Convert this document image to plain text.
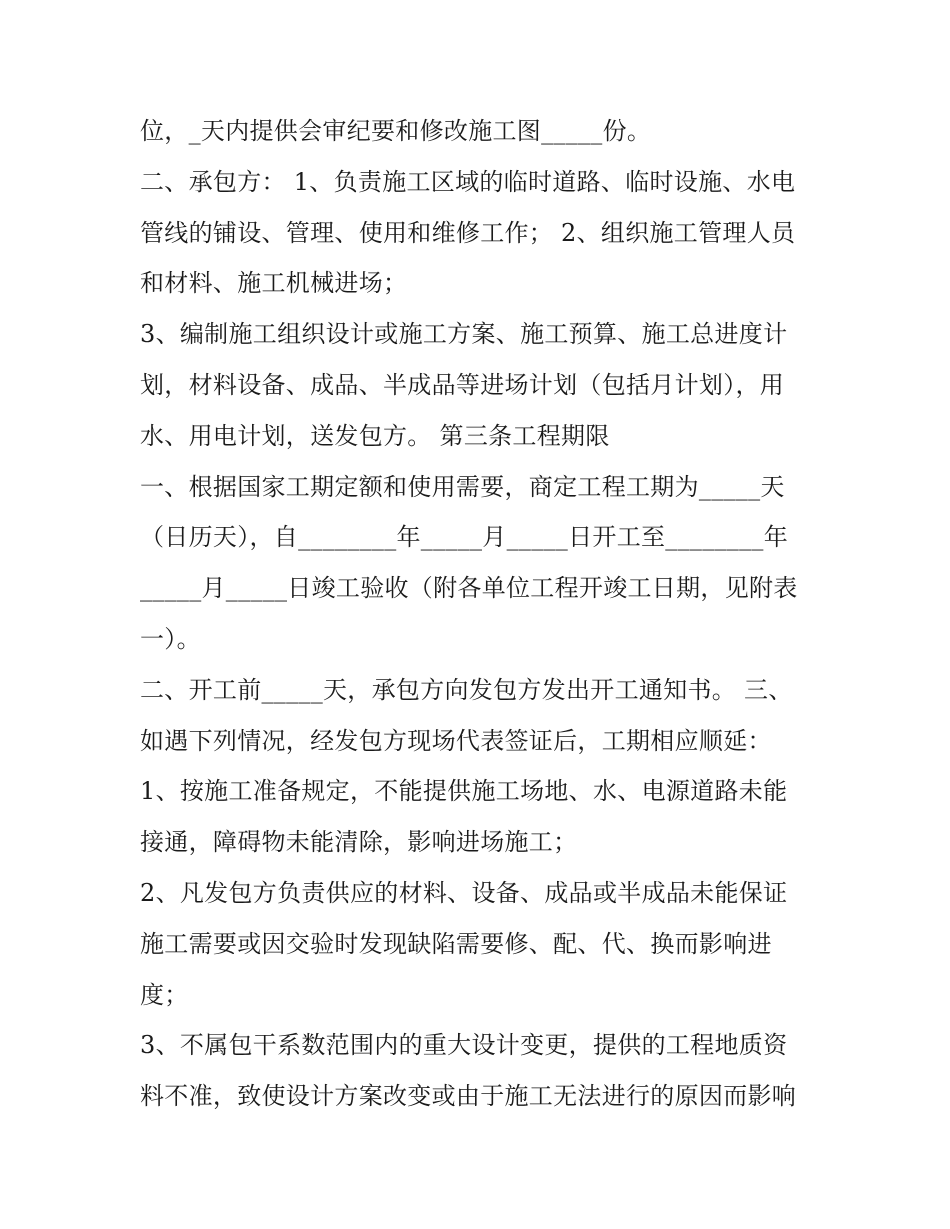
位，_天内提供会审纪要和修改施工图_____份。
二、承包方： 1、负责施工区域的临时道路、临时设施、水电
管线的铺设、管理、使用和维修工作； 2、组织施工管理人员
和材料、施工机械进场；
3、编制施工组织设计或施工方案、施工预算、施工总进度计
划，材料设备、成品、半成品等进场计划（包括月计划），用
水、用电计划，送发包方。 第三条工程期限
一、根据国家工期定额和使用需要，商定工程工期为_____天
（日历天），自________年_____月_____日开工至________年
_____月_____日竣工验收（附各单位工程开竣工日期，见附表
一）。
二、开工前_____天，承包方向发包方发出开工通知书。 三、
如遇下列情况，经发包方现场代表签证后，工期相应顺延：
1、按施工准备规定，不能提供施工场地、水、电源道路未能
接通，障碍物未能清除，影响进场施工；
2、凡发包方负责供应的材料、设备、成品或半成品未能保证
施工需要或因交验时发现缺陷需要修、配、代、换而影响进
度；
3、不属包干系数范围内的重大设计变更，提供的工程地质资
料不准，致使设计方案改变或由于施工无法进行的原因而影响
